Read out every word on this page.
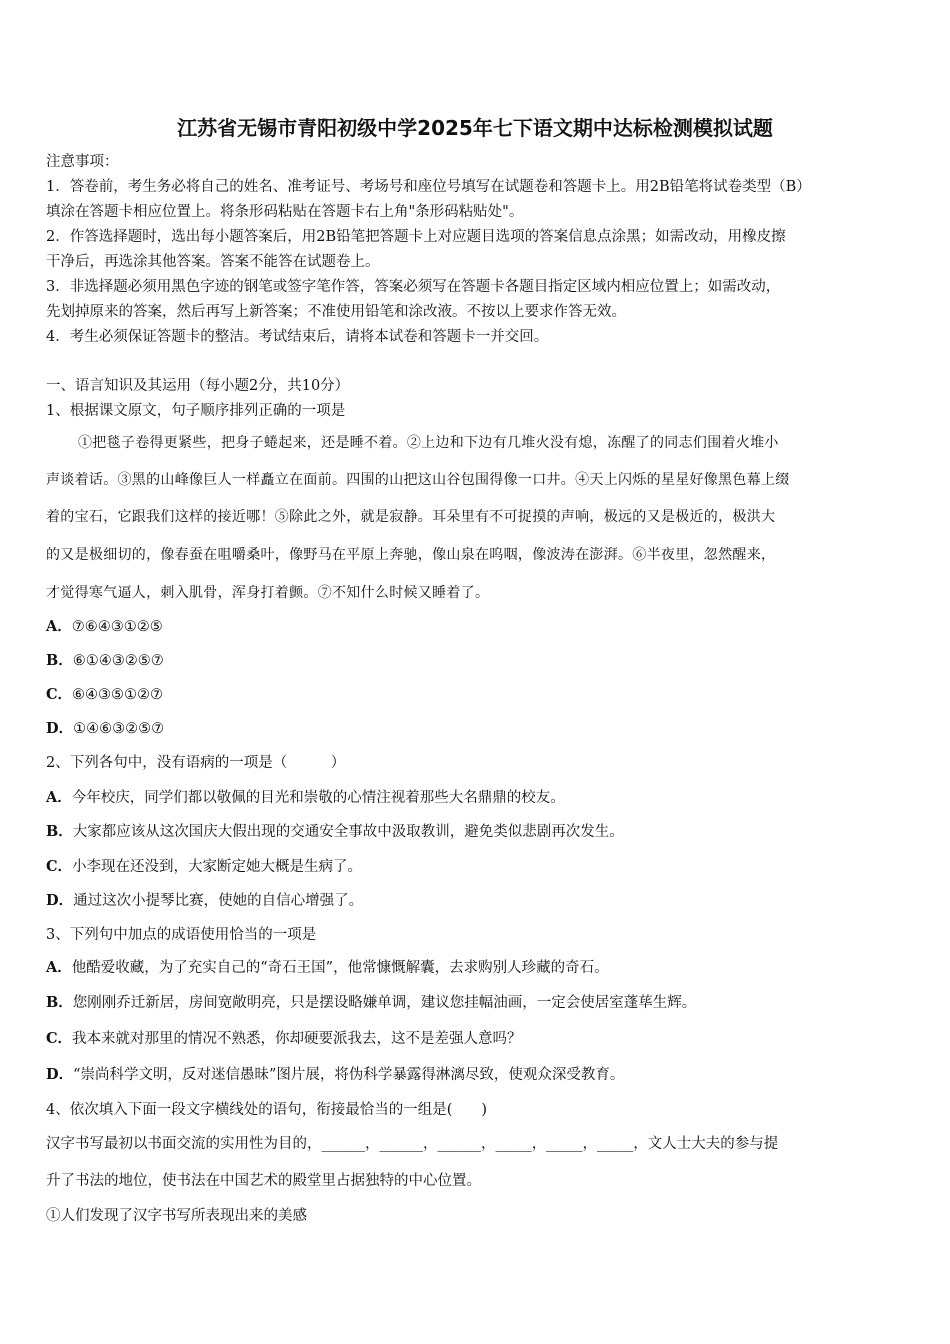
江苏省无锡市青阳初级中学2025年七下语文期中达标检测模拟试题
注意事项：
1．答卷前，考生务必将自己的姓名、准考证号、考场号和座位号填写在试题卷和答题卡上。用2B铅笔将试卷类型（B）
填涂在答题卡相应位置上。将条形码粘贴在答题卡右上角"条形码粘贴处"。
2．作答选择题时，选出每小题答案后，用2B铅笔把答题卡上对应题目选项的答案信息点涂黑；如需改动，用橡皮擦
干净后，再选涂其他答案。答案不能答在试题卷上。
3．非选择题必须用黑色字迹的钢笔或签字笔作答，答案必须写在答题卡各题目指定区域内相应位置上；如需改动，
先划掉原来的答案，然后再写上新答案；不准使用铅笔和涂改液。不按以上要求作答无效。
4．考生必须保证答题卡的整洁。考试结束后，请将本试卷和答题卡一并交回。
一、语言知识及其运用（每小题2分，共10分）
1、根据课文原文，句子顺序排列正确的一项是
①把毯子卷得更紧些，把身子蜷起来，还是睡不着。②上边和下边有几堆火没有熄，冻醒了的同志们围着火堆小
声谈着话。③黑的山峰像巨人一样矗立在面前。四围的山把这山谷包围得像一口井。④天上闪烁的星星好像黑色幕上缀
着的宝石，它跟我们这样的接近哪！⑤除此之外，就是寂静。耳朵里有不可捉摸的声响，极远的又是极近的，极洪大
的又是极细切的，像春蚕在咀嚼桑叶，像野马在平原上奔驰，像山泉在呜咽，像波涛在澎湃。⑥半夜里，忽然醒来，
才觉得寒气逼人，刺入肌骨，浑身打着颤。⑦不知什么时候又睡着了。
A．⑦⑥④③①②⑤
B．⑥①④③②⑤⑦
C．⑥④③⑤①②⑦
D．①④⑥③②⑤⑦
2、下列各句中，没有语病的一项是（　　　）
A．今年校庆，同学们都以敬佩的目光和崇敬的心情注视着那些大名鼎鼎的校友。
B．大家都应该从这次国庆大假出现的交通安全事故中汲取教训，避免类似悲剧再次发生。
C．小李现在还没到，大家断定她大概是生病了。
D．通过这次小提琴比赛，使她的自信心增强了。
3、下列句中加点的成语使用恰当的一项是
A．他酷爱收藏，为了充实自己的“奇石王国”，他常慷慨解囊，去求购别人珍藏的奇石。
B．您刚刚乔迁新居，房间宽敞明亮，只是摆设略嫌单调，建议您挂幅油画，一定会使居室蓬荜生辉。
C．我本来就对那里的情况不熟悉，你却硬要派我去，这不是差强人意吗？
D．“崇尚科学文明，反对迷信愚昧”图片展，将伪科学暴露得淋漓尽致，使观众深受教育。
4、依次填入下面一段文字横线处的语句，衔接最恰当的一组是(　　)
汉字书写最初以书面交流的实用性为目的，______，______，______，_____，_____，_____，文人士大夫的参与提
升了书法的地位，使书法在中国艺术的殿堂里占据独特的中心位置。
①人们发现了汉字书写所表现出来的美感
